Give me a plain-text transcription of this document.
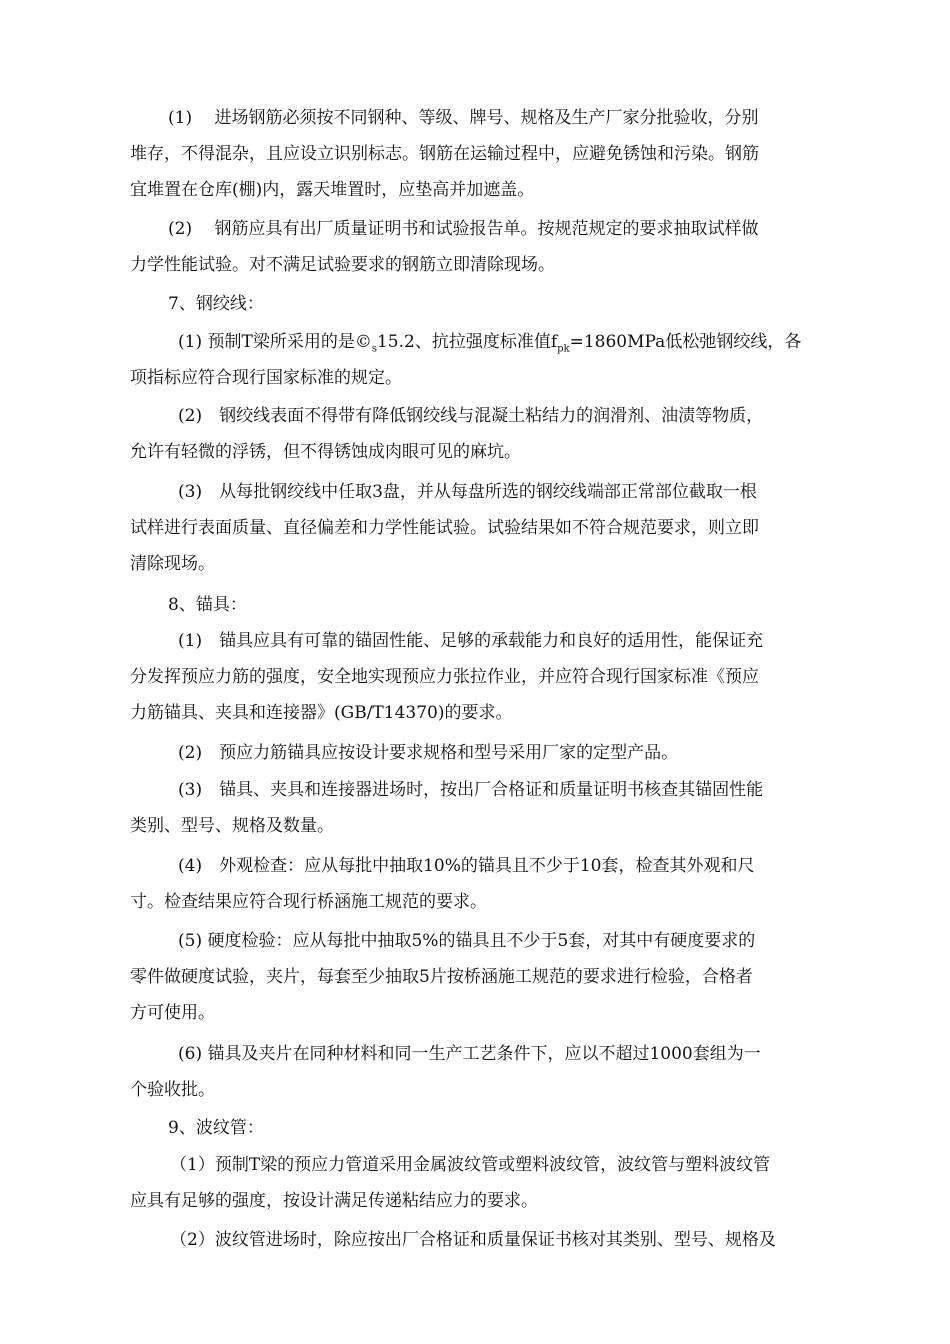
(1)　 进场钢筋必须按不同钢种、等级、牌号、规格及生产厂家分批验收，分别
堆存，不得混杂，且应设立识别标志。钢筋在运输过程中，应避免锈蚀和污染。钢筋
宜堆置在仓库(棚)内，露天堆置时，应垫高并加遮盖。

(2)　 钢筋应具有出厂质量证明书和试验报告单。按规范规定的要求抽取试样做
力学性能试验。对不满足试验要求的钢筋立即清除现场。

7、钢绞线：

(1) 预制T梁所采用的是$©_s15.2$、抗拉强度标准值$f_{pk}=1860MPa$低松弛钢绞线，各
项指标应符合现行国家标准的规定。

(2)　钢绞线表面不得带有降低钢绞线与混凝土粘结力的润滑剂、油渍等物质，
允许有轻微的浮锈，但不得锈蚀成肉眼可见的麻坑。

(3)　从每批钢绞线中任取3盘，并从每盘所选的钢绞线端部正常部位截取一根
试样进行表面质量、直径偏差和力学性能试验。试验结果如不符合规范要求，则立即
清除现场。

8、锚具：

(1)　锚具应具有可靠的锚固性能、足够的承载能力和良好的适用性，能保证充
分发挥预应力筋的强度，安全地实现预应力张拉作业，并应符合现行国家标准《预应
力筋锚具、夹具和连接器》(GB/T14370)的要求。

(2)　预应力筋锚具应按设计要求规格和型号采用厂家的定型产品。

(3)　锚具、夹具和连接器进场时，按出厂合格证和质量证明书核查其锚固性能
类别、型号、规格及数量。

(4)　外观检查：应从每批中抽取10%的锚具且不少于10套，检查其外观和尺
寸。检查结果应符合现行桥涵施工规范的要求。

(5) 硬度检验：应从每批中抽取5%的锚具且不少于5套，对其中有硬度要求的
零件做硬度试验，夹片，每套至少抽取5片按桥涵施工规范的要求进行检验，合格者
方可使用。

(6) 锚具及夹片在同种材料和同一生产工艺条件下，应以不超过1000套组为一
个验收批。

9、波纹管：

（1）预制T梁的预应力管道采用金属波纹管或塑料波纹管，波纹管与塑料波纹管
应具有足够的强度，按设计满足传递粘结应力的要求。

（2）波纹管进场时，除应按出厂合格证和质量保证书核对其类别、型号、规格及
